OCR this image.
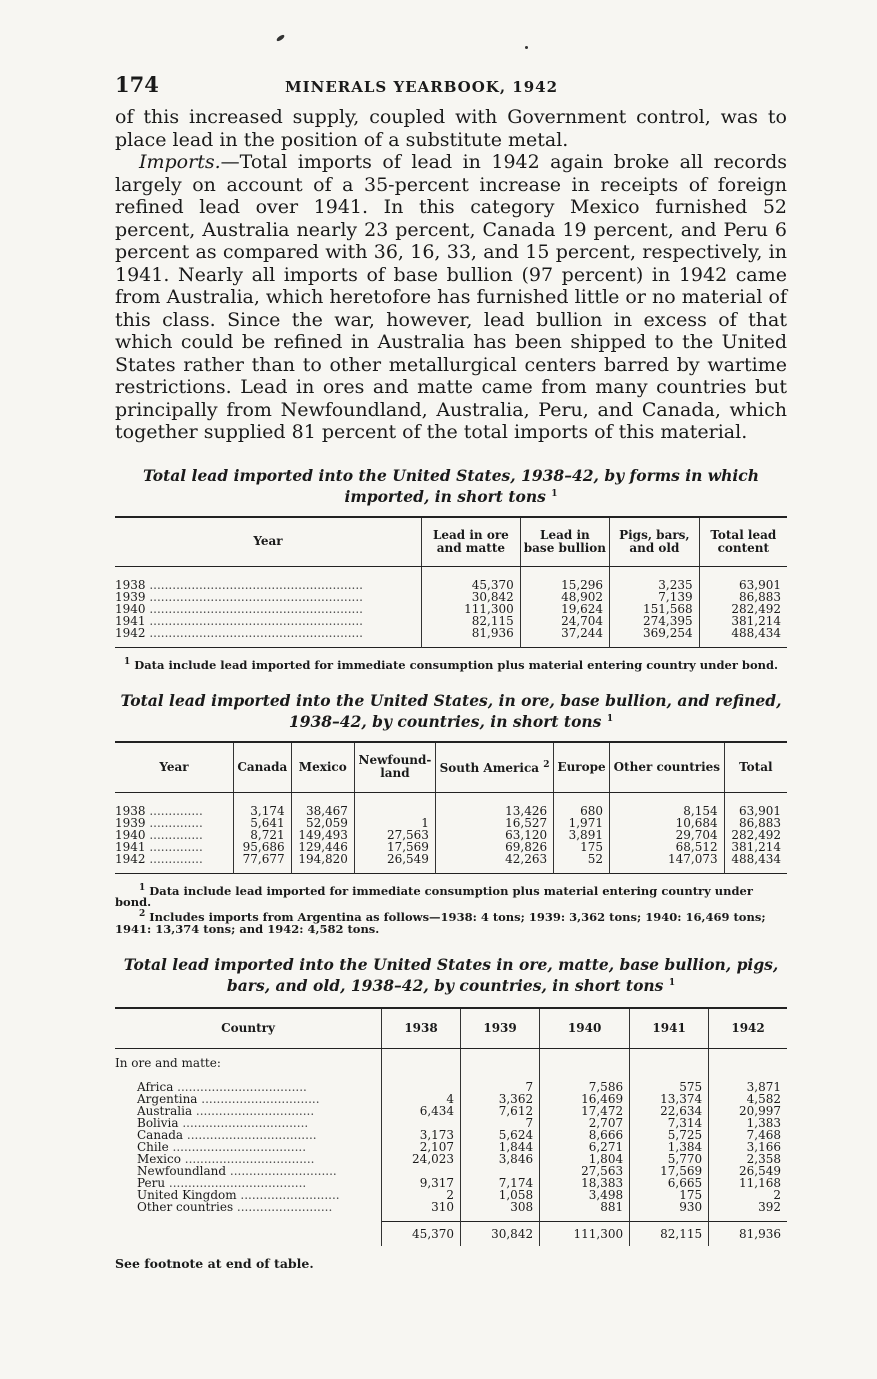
174	MINERALS YEARBOOK, 1942

of this increased supply, coupled with Government control, was to place lead in the position of a substitute metal.

Imports.—Total imports of lead in 1942 again broke all records largely on account of a 35-percent increase in receipts of foreign refined lead over 1941. In this category Mexico furnished 52 percent, Australia nearly 23 percent, Canada 19 percent, and Peru 6 percent as compared with 36, 16, 33, and 15 percent, respectively, in 1941. Nearly all imports of base bullion (97 percent) in 1942 came from Australia, which heretofore has furnished little or no material of this class. Since the war, however, lead bullion in excess of that which could be refined in Australia has been shipped to the United States rather than to other metallurgical centers barred by wartime restrictions. Lead in ores and matte came from many countries but principally from Newfoundland, Australia, Peru, and Canada, which together supplied 81 percent of the total imports of this material.

Total lead imported into the United States, 1938–42, by forms in which imported, in short tons $^1$
Year	Lead in ore and matte	Lead in base bullion	Pigs, bars, and old	Total lead content
1938 ........................................................	45,370	15,296	3,235	63,901
1939 ........................................................	30,842	48,902	7,139	86,883
1940 ........................................................	111,300	19,624	151,568	282,492
1941 ........................................................	82,115	24,704	274,395	381,214
1942 ........................................................	81,936	37,244	369,254	488,434
$^1$ Data include lead imported for immediate consumption plus material entering country under bond.
Total lead imported into the United States, in ore, base bullion, and refined, 1938–42, by countries, in short tons $^1$
Year	Canada	Mexico	Newfound-land	South America $^2$	Europe	Other countries	Total
1938 ..............	3,174	38,467		13,426	680	8,154	63,901
1939 ..............	5,641	52,059	1	16,527	1,971	10,684	86,883
1940 ..............	8,721	149,493	27,563	63,120	3,891	29,704	282,492
1941 ..............	95,686	129,446	17,569	69,826	175	68,512	381,214
1942 ..............	77,677	194,820	26,549	42,263	52	147,073	488,434
$^1$ Data include lead imported for immediate consumption plus material entering country under bond.
$^2$ Includes imports from Argentina as follows—1938: 4 tons; 1939: 3,362 tons; 1940: 16,469 tons; 1941: 13,374 tons; and 1942: 4,582 tons.
Total lead imported into the United States in ore, matte, base bullion, pigs, bars, and old, 1938–42, by countries, in short tons $^1$
Country	1938	1939	1940	1941	1942
In ore and matte:					
Africa ..................................		7	7,586	575	3,871
Argentina ...............................	4	3,362	16,469	13,374	4,582
Australia ...............................	6,434	7,612	17,472	22,634	20,997
Bolivia .................................		7	2,707	7,314	1,383
Canada ..................................	3,173	5,624	8,666	5,725	7,468
Chile ...................................	2,107	1,844	6,271	1,384	3,166
Mexico ..................................	24,023	3,846	1,804	5,770	2,358
Newfoundland ............................			27,563	17,569	26,549
Peru ....................................	9,317	7,174	18,383	6,665	11,168
United Kingdom ..........................	2	1,058	3,498	175	2
Other countries .........................	310	308	881	930	392
	45,370	30,842	111,300	82,115	81,936
See footnote at end of table.
